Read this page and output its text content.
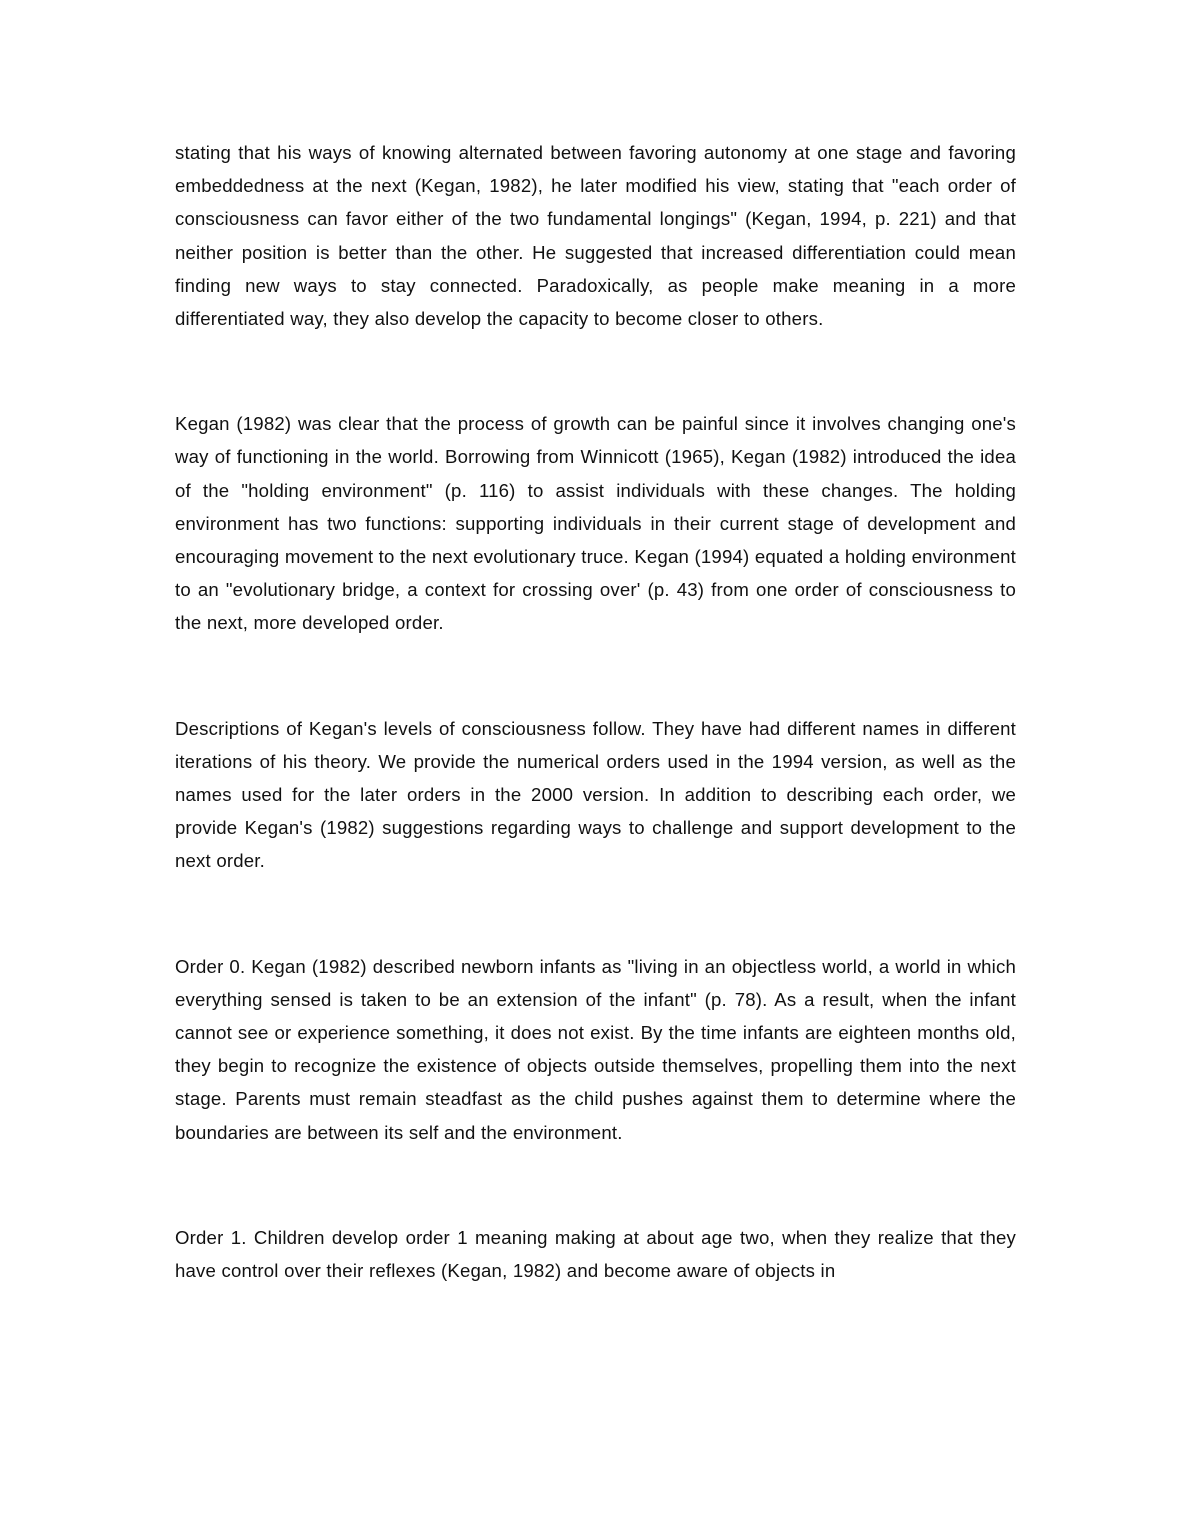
stating that his ways of knowing alternated between favoring autonomy at one stage and favoring embeddedness at the next (Kegan, 1982), he later modified his view, stating that "each order of consciousness can favor either of the two fundamental longings" (Kegan, 1994, p. 221) and that neither position is better than the other. He suggested that increased differentiation could mean finding new ways to stay connected. Paradoxically, as people make meaning in a more differentiated way, they also develop the capacity to become closer to others.

Kegan (1982) was clear that the process of growth can be painful since it involves changing one's way of functioning in the world. Borrowing from Winnicott (1965), Kegan (1982) introduced the idea of the "holding environment" (p. 116) to assist individuals with these changes. The holding environment has two functions: supporting individuals in their current stage of development and encouraging movement to the next evolutionary truce. Kegan (1994) equated a holding environment to an "evolutionary bridge, a context for crossing over' (p. 43) from one order of consciousness to the next, more developed order.

Descriptions of Kegan's levels of consciousness follow. They have had different names in different iterations of his theory. We provide the numerical orders used in the 1994 version, as well as the names used for the later orders in the 2000 version. In addition to describing each order, we provide Kegan's (1982) suggestions regarding ways to challenge and support development to the next order.

Order 0. Kegan (1982) described newborn infants as "living in an objectless world, a world in which everything sensed is taken to be an extension of the infant" (p. 78). As a result, when the infant cannot see or experience something, it does not exist. By the time infants are eighteen months old, they begin to recognize the existence of objects outside themselves, propelling them into the next stage. Parents must remain steadfast as the child pushes against them to determine where the boundaries are between its self and the environment.

Order 1. Children develop order 1 meaning making at about age two, when they realize that they have control over their reflexes (Kegan, 1982) and become aware of objects in
